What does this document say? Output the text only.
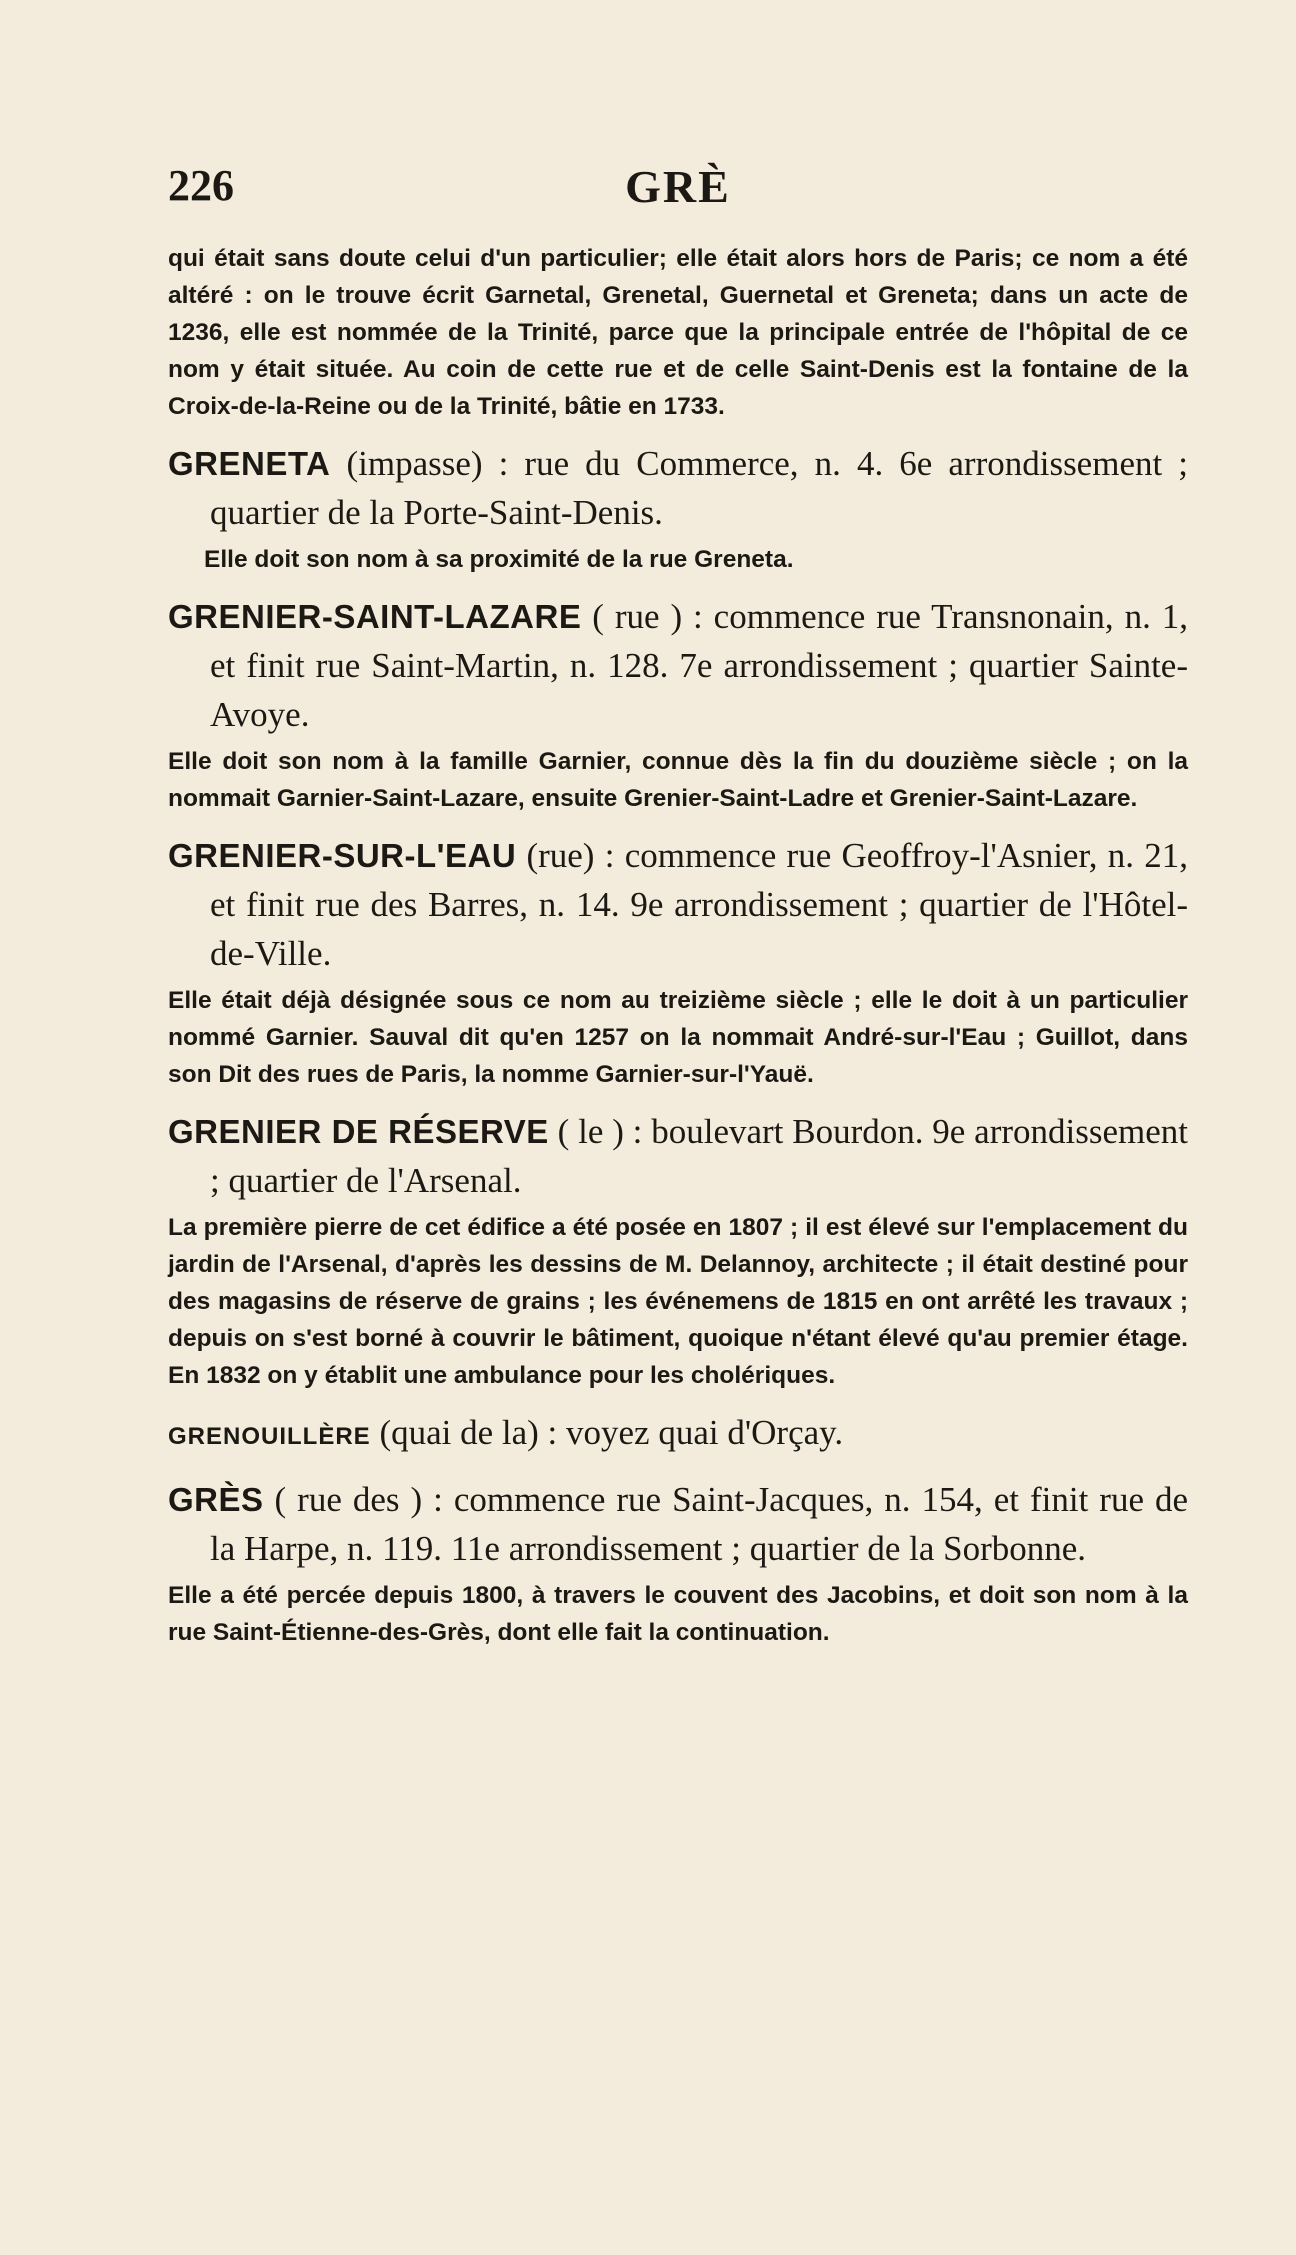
226	GRÈ

qui était sans doute celui d'un particulier; elle était alors hors de Paris; ce nom a été altéré : on le trouve écrit Garnetal, Grenetal, Guernetal et Greneta; dans un acte de 1236, elle est nommée de la Trinité, parce que la principale entrée de l'hôpital de ce nom y était située. Au coin de cette rue et de celle Saint-Denis est la fontaine de la Croix-de-la-Reine ou de la Trinité, bâtie en 1733.

GRENETA (impasse) : rue du Commerce, n. 4. 6e arrondissement ; quartier de la Porte-Saint-Denis.

Elle doit son nom à sa proximité de la rue Greneta.

GRENIER-SAINT-LAZARE ( rue ) : commence rue Transnonain, n. 1, et finit rue Saint-Martin, n. 128. 7e arrondissement ; quartier Sainte-Avoye.

Elle doit son nom à la famille Garnier, connue dès la fin du douzième siècle ; on la nommait Garnier-Saint-Lazare, ensuite Grenier-Saint-Ladre et Grenier-Saint-Lazare.

GRENIER-SUR-L'EAU (rue) : commence rue Geoffroy-l'Asnier, n. 21, et finit rue des Barres, n. 14. 9e arrondissement ; quartier de l'Hôtel-de-Ville.

Elle était déjà désignée sous ce nom au treizième siècle ; elle le doit à un particulier nommé Garnier. Sauval dit qu'en 1257 on la nommait André-sur-l'Eau ; Guillot, dans son Dit des rues de Paris, la nomme Garnier-sur-l'Yauë.

GRENIER DE RÉSERVE ( le ) : boulevart Bourdon. 9e arrondissement ; quartier de l'Arsenal.

La première pierre de cet édifice a été posée en 1807 ; il est élevé sur l'emplacement du jardin de l'Arsenal, d'après les dessins de M. Delannoy, architecte ; il était destiné pour des magasins de réserve de grains ; les événemens de 1815 en ont arrêté les travaux ; depuis on s'est borné à couvrir le bâtiment, quoique n'étant élevé qu'au premier étage. En 1832 on y établit une ambulance pour les cholériques.

GRENOUILLÈRE (quai de la) : voyez quai d'Orçay.

GRÈS ( rue des ) : commence rue Saint-Jacques, n. 154, et finit rue de la Harpe, n. 119. 11e arrondissement ; quartier de la Sorbonne.

Elle a été percée depuis 1800, à travers le couvent des Jacobins, et doit son nom à la rue Saint-Étienne-des-Grès, dont elle fait la continuation.
